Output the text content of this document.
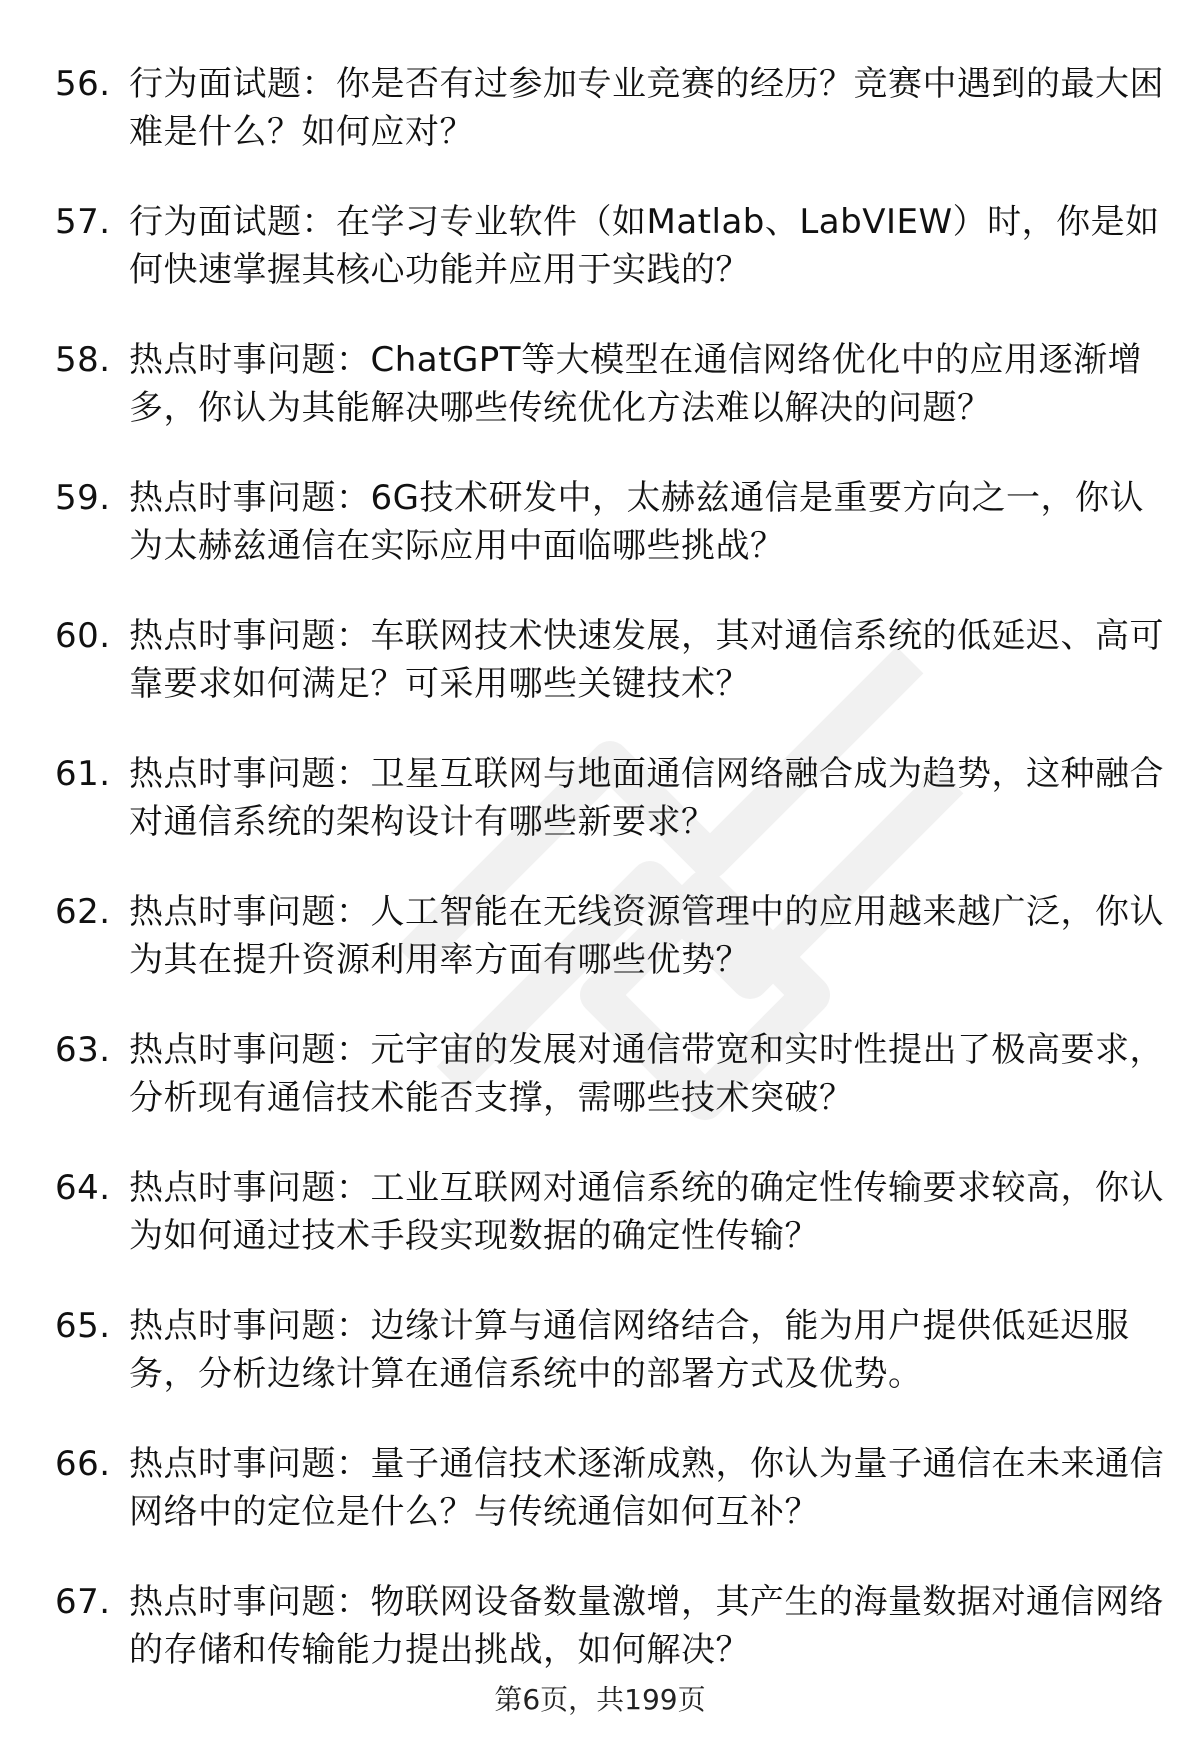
56. 行为面试题：你是否有过参加专业竞赛的经历？竞赛中遇到的最大困难是什么？如何应对？
57. 行为面试题：在学习专业软件（如Matlab、LabVIEW）时，你是如何快速掌握其核心功能并应用于实践的？
58. 热点时事问题：ChatGPT等大模型在通信网络优化中的应用逐渐增多，你认为其能解决哪些传统优化方法难以解决的问题？
59. 热点时事问题：6G技术研发中，太赫兹通信是重要方向之一，你认为太赫兹通信在实际应用中面临哪些挑战？
60. 热点时事问题：车联网技术快速发展，其对通信系统的低延迟、高可靠要求如何满足？可采用哪些关键技术？
61. 热点时事问题：卫星互联网与地面通信网络融合成为趋势，这种融合对通信系统的架构设计有哪些新要求？
62. 热点时事问题：人工智能在无线资源管理中的应用越来越广泛，你认为其在提升资源利用率方面有哪些优势？
63. 热点时事问题：元宇宙的发展对通信带宽和实时性提出了极高要求，分析现有通信技术能否支撑，需哪些技术突破？
64. 热点时事问题：工业互联网对通信系统的确定性传输要求较高，你认为如何通过技术手段实现数据的确定性传输？
65. 热点时事问题：边缘计算与通信网络结合，能为用户提供低延迟服务，分析边缘计算在通信系统中的部署方式及优势。
66. 热点时事问题：量子通信技术逐渐成熟，你认为量子通信在未来通信网络中的定位是什么？与传统通信如何互补？
67. 热点时事问题：物联网设备数量激增，其产生的海量数据对通信网络的存储和传输能力提出挑战，如何解决？
第6页，共199页
